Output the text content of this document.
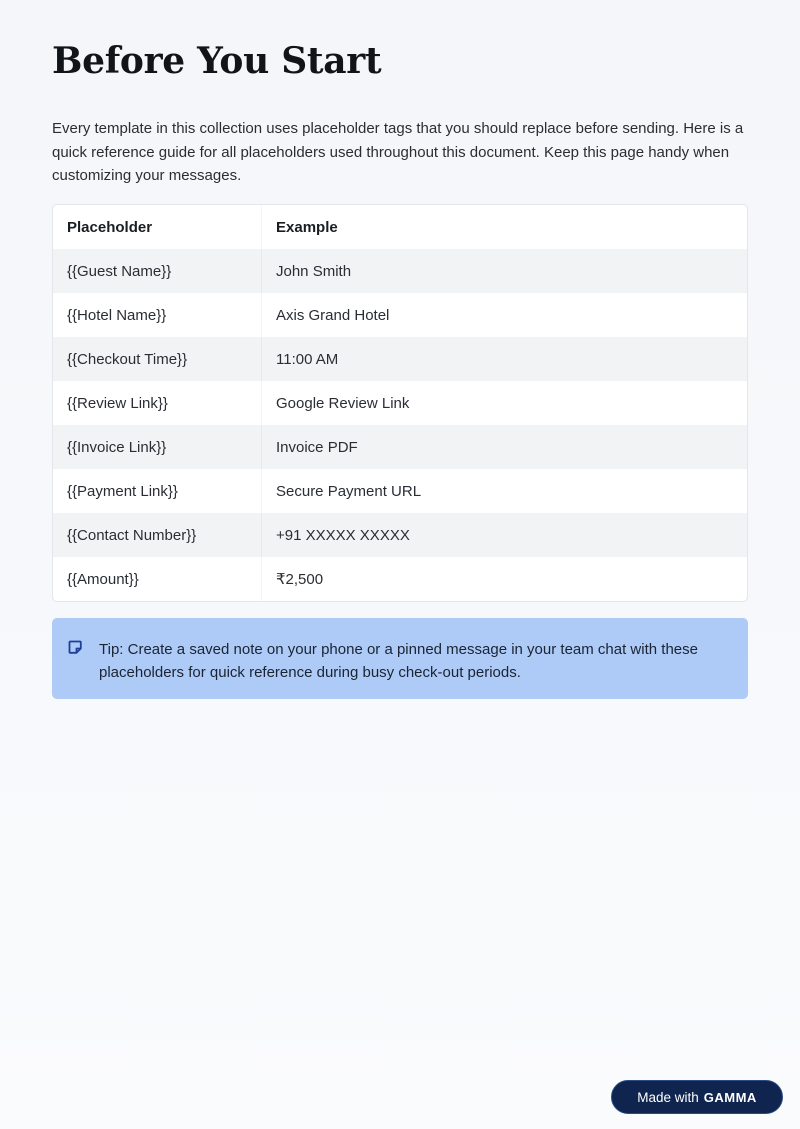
Before You Start

Every template in this collection uses placeholder tags that you should replace before sending. Here is a quick reference guide for all placeholders used throughout this document. Keep this page handy when customizing your messages.

Placeholder	Example
{{Guest Name}}	John Smith
{{Hotel Name}}	Axis Grand Hotel
{{Checkout Time}}	11:00 AM
{{Review Link}}	Google Review Link
{{Invoice Link}}	Invoice PDF
{{Payment Link}}	Secure Payment URL
{{Contact Number}}	+91 XXXXX XXXXX
{{Amount}}	₹2,500

Tip: Create a saved note on your phone or a pinned message in your team chat with these placeholders for quick reference during busy check-out periods.

Made with GAMMA
